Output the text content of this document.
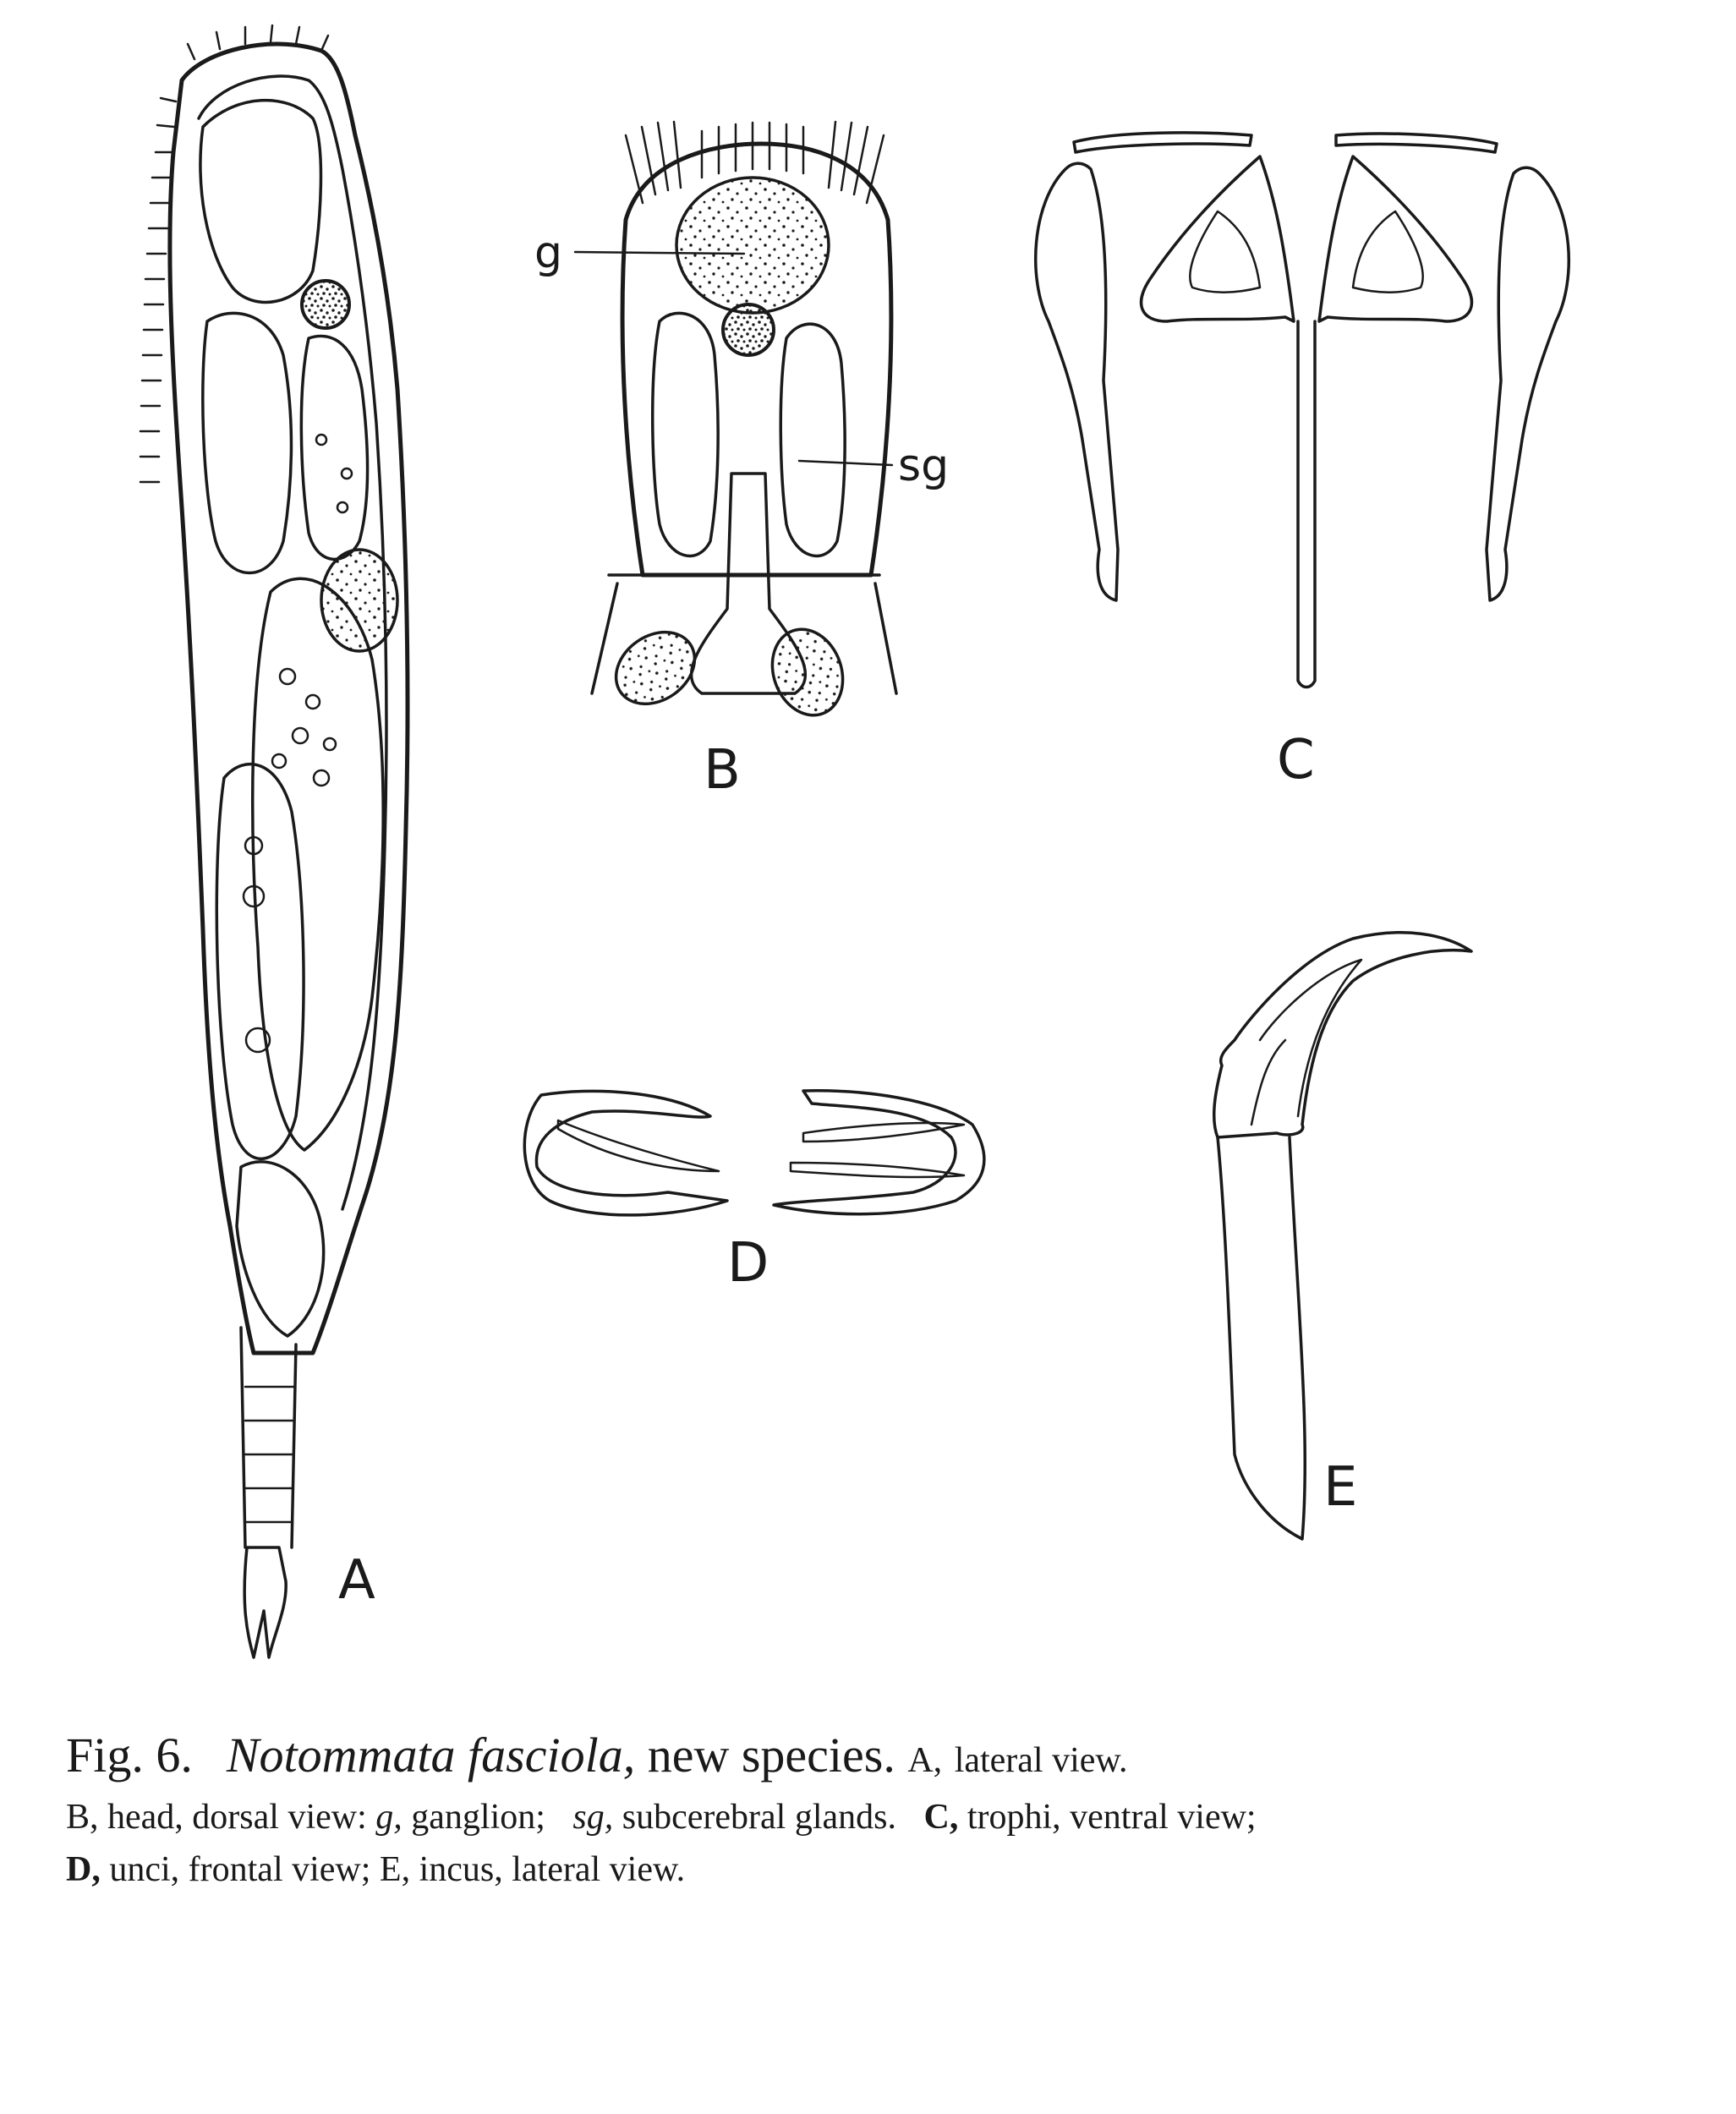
A
g
sg
B	C
D
E
Fig. 6. Notommata fasciola, new species. A, lateral view.
B, head, dorsal view: g, ganglion; sg, subcerebral glands. C, trophi, ventral view;
D, unci, frontal view; E, incus, lateral view.
